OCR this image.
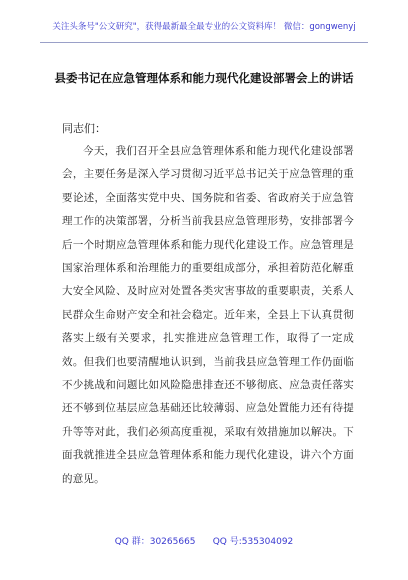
关注头条号"公文研究"，获得最新最全最专业的公文资料库！ 微信：gongwenyj
县委书记在应急管理体系和能力现代化建设部署会上的讲话
同志们：
今天，我们召开全县应急管理体系和能力现代化建设部署会，主要任务是深入学习贯彻习近平总书记关于应急管理的重要论述，全面落实党中央、国务院和省委、省政府关于应急管理工作的决策部署，分析当前我县应急管理形势，安排部署今后一个时期应急管理体系和能力现代化建设工作。应急管理是国家治理体系和治理能力的重要组成部分，承担着防范化解重大安全风险、及时应对处置各类灾害事故的重要职责，关系人民群众生命财产安全和社会稳定。近年来，全县上下认真贯彻落实上级有关要求，扎实推进应急管理工作，取得了一定成效。但我们也要清醒地认识到，当前我县应急管理工作仍面临不少挑战和问题比如风险隐患排查还不够彻底、应急责任落实还不够到位基层应急基础还比较薄弱、应急处置能力还有待提升等等对此，我们必须高度重视，采取有效措施加以解决。下面我就推进全县应急管理体系和能力现代化建设，讲六个方面的意见。
QQ 群：30265665      QQ 号:535304092
